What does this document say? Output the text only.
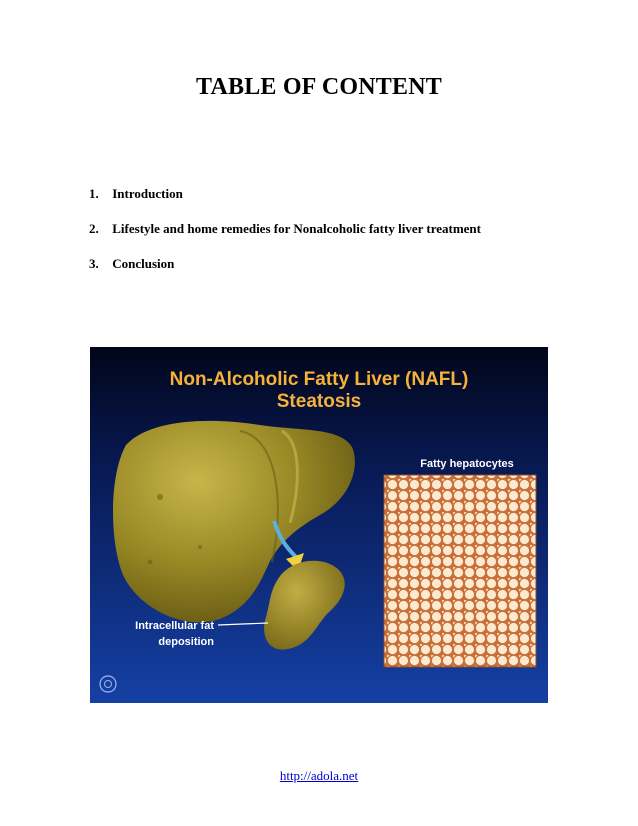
TABLE OF CONTENT
1. Introduction
2. Lifestyle and home remedies for Nonalcoholic fatty liver treatment
3. Conclusion
Non-Alcoholic Fatty Liver (NAFL)
Steatosis
Intracellular fat
deposition
Fatty hepatocytes
http://adola.net
